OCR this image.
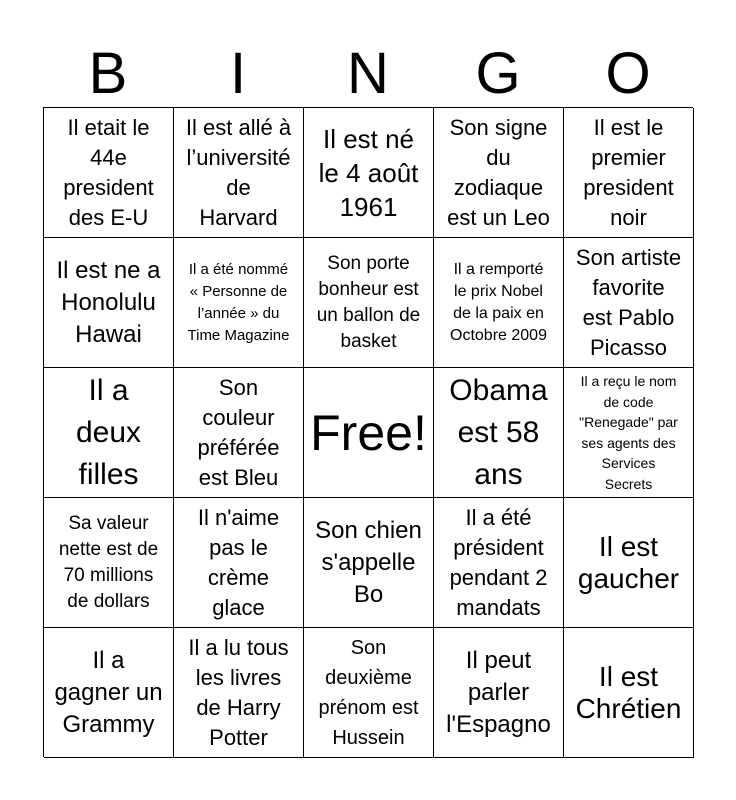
B	I	N	G	O
Il etait le
44e
president
des E-U
Il est allé à
l’université
de
Harvard
Il est né
le 4 août
1961
Son signe
du
zodiaque
est un Leo
Il est le
premier
president
noir
Il est ne a
Honolulu
Hawai
Il a été nommé
« Personne de
l’année » du
Time Magazine
Son porte
bonheur est
un ballon de
basket
Il a remporté
le prix Nobel
de la paix en
Octobre 2009
Son artiste
favorite
est Pablo
Picasso
Il a
deux
filles
Son
couleur
préférée
est Bleu
Free!
Obama
est 58
ans
Il a reçu le nom
de code
"Renegade" par
ses agents des
Services
Secrets
Sa valeur
nette est de
70 millions
de dollars
Il n'aime
pas le
crème
glace
Son chien
s'appelle
Bo
Il a été
président
pendant 2
mandats
Il est
gaucher
Il a
gagner un
Grammy
Il a lu tous
les livres
de Harry
Potter
Son
deuxième
prénom est
Hussein
Il peut
parler
l'Espagno
Il est
Chrétien
